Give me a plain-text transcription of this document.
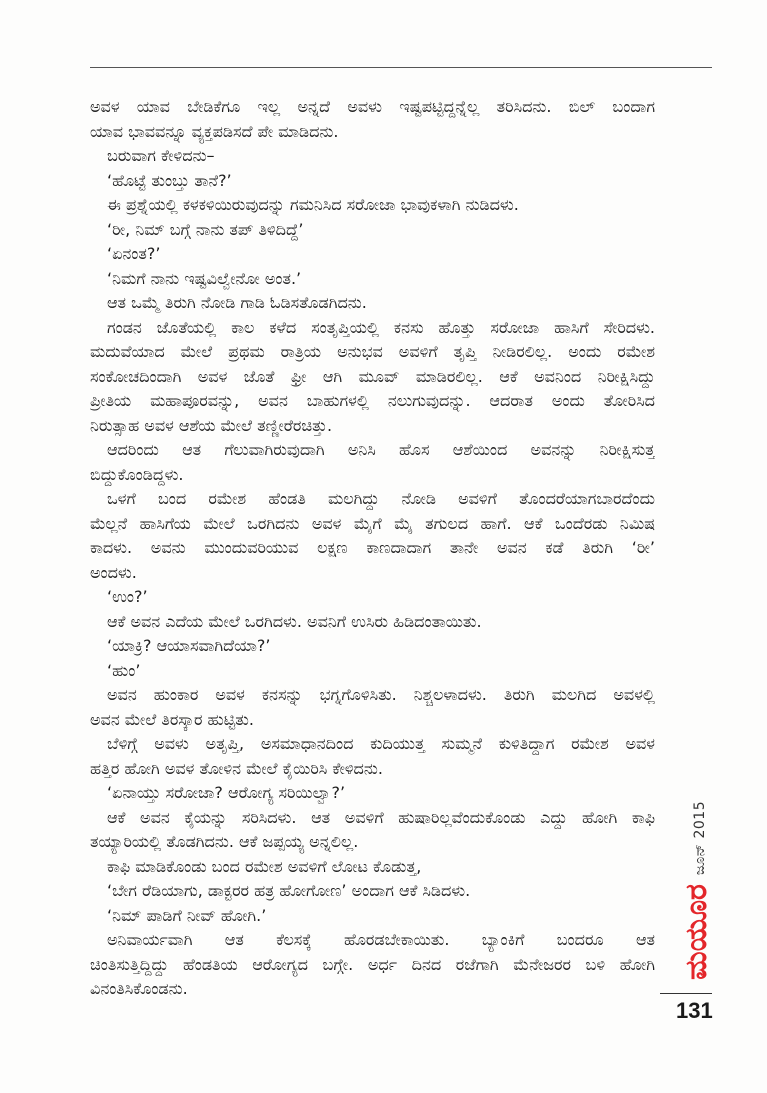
ಅವಳ ಯಾವ ಬೇಡಿಕೆಗೂ ಇಲ್ಲ ಅನ್ನದೆ ಅವಳು ಇಷ್ಟಪಟ್ಟಿದ್ದನ್ನೆಲ್ಲ ತರಿಸಿದನು. ಬಿಲ್ ಬಂದಾಗ
ಯಾವ ಭಾವವನ್ನೂ ವ್ಯಕ್ತಪಡಿಸದೆ ಪೇ ಮಾಡಿದನು.
ಬರುವಾಗ ಕೇಳಿದನು–
‘ಹೊಟ್ಟೆ ತುಂಬ್ತು ತಾನೆ?’
ಈ ಪ್ರಶ್ನೆಯಲ್ಲಿ ಕಳಕಳಿಯಿರುವುದನ್ನು ಗಮನಿಸಿದ ಸರೋಜಾ ಭಾವುಕಳಾಗಿ ನುಡಿದಳು.
‘ರೀ, ನಿಮ್ ಬಗ್ಗೆ ನಾನು ತಪ್ ತಿಳಿದಿದ್ದೆ’
‘ಏನಂತ?’
‘ನಿಮಗೆ ನಾನು ಇಷ್ಟವಿಲ್ವೇನೋ ಅಂತ.’
ಆತ ಒಮ್ಮೆ ತಿರುಗಿ ನೋಡಿ ಗಾಡಿ ಓಡಿಸತೊಡಗಿದನು.
ಗಂಡನ ಜೊತೆಯಲ್ಲಿ ಕಾಲ ಕಳೆದ ಸಂತೃಪ್ತಿಯಲ್ಲಿ ಕನಸು ಹೊತ್ತು ಸರೋಜಾ ಹಾಸಿಗೆ ಸೇರಿದಳು.
ಮದುವೆಯಾದ ಮೇಲೆ ಪ್ರಥಮ ರಾತ್ರಿಯ ಅನುಭವ ಅವಳಿಗೆ ತೃಪ್ತಿ ನೀಡಿರಲಿಲ್ಲ. ಅಂದು ರಮೇಶ
ಸಂಕೋಚದಿಂದಾಗಿ ಅವಳ ಜೊತೆ ಫ್ರೀ ಆಗಿ ಮೂವ್ ಮಾಡಿರಲಿಲ್ಲ. ಆಕೆ ಅವನಿಂದ ನಿರೀಕ್ಷಿಸಿದ್ದು
ಪ್ರೀತಿಯ ಮಹಾಪೂರವನ್ನು, ಅವನ ಬಾಹುಗಳಲ್ಲಿ ನಲುಗುವುದನ್ನು. ಆದರಾತ ಅಂದು ತೋರಿಸಿದ
ನಿರುತ್ಸಾಹ ಅವಳ ಆಶೆಯ ಮೇಲೆ ತಣ್ಣೀರೆರಚಿತ್ತು.
ಆದರಿಂದು ಆತ ಗೆಲುವಾಗಿರುವುದಾಗಿ ಅನಿಸಿ ಹೊಸ ಆಶೆಯಿಂದ ಅವನನ್ನು ನಿರೀಕ್ಷಿಸುತ್ತ
ಬಿದ್ದುಕೊಂಡಿದ್ದಳು.
ಒಳಗೆ ಬಂದ ರಮೇಶ ಹೆಂಡತಿ ಮಲಗಿದ್ದು ನೋಡಿ ಅವಳಿಗೆ ತೊಂದರೆಯಾಗಬಾರದೆಂದು
ಮೆಲ್ಲನೆ ಹಾಸಿಗೆಯ ಮೇಲೆ ಒರಗಿದನು ಅವಳ ಮೈಗೆ ಮೈ ತಗುಲದ ಹಾಗೆ. ಆಕೆ ಒಂದೆರಡು ನಿಮಿಷ
ಕಾದಳು. ಅವನು ಮುಂದುವರಿಯುವ ಲಕ್ಷಣ ಕಾಣದಾದಾಗ ತಾನೇ ಅವನ ಕಡೆ ತಿರುಗಿ ‘ರೀ’
ಅಂದಳು.
‘ಉಂ?’
ಆಕೆ ಅವನ ಎದೆಯ ಮೇಲೆ ಒರಗಿದಳು. ಅವನಿಗೆ ಉಸಿರು ಹಿಡಿದಂತಾಯಿತು.
‘ಯಾಕ್ರಿ? ಆಯಾಸವಾಗಿದೆಯಾ?’
‘ಹುಂ’
ಅವನ ಹುಂಕಾರ ಅವಳ ಕನಸನ್ನು ಭಗ್ನಗೊಳಿಸಿತು. ನಿಶ್ಚಲಳಾದಳು. ತಿರುಗಿ ಮಲಗಿದ ಅವಳಲ್ಲಿ
ಅವನ ಮೇಲೆ ತಿರಸ್ಕಾರ ಹುಟ್ಟಿತು.
ಬೆಳಿಗ್ಗೆ ಅವಳು ಅತೃಪ್ತಿ, ಅಸಮಾಧಾನದಿಂದ ಕುದಿಯುತ್ತ ಸುಮ್ಮನೆ ಕುಳಿತಿದ್ದಾಗ ರಮೇಶ ಅವಳ
ಹತ್ತಿರ ಹೋಗಿ ಅವಳ ತೋಳಿನ ಮೇಲೆ ಕೈಯಿರಿಸಿ ಕೇಳಿದನು.
‘ಏನಾಯ್ತು ಸರೋಜಾ? ಆರೋಗ್ಯ ಸರಿಯಿಲ್ವಾ?’
ಆಕೆ ಅವನ ಕೈಯನ್ನು ಸರಿಸಿದಳು. ಆತ ಅವಳಿಗೆ ಹುಷಾರಿಲ್ಲವೆಂದುಕೊಂಡು ಎದ್ದು ಹೋಗಿ ಕಾಫಿ
ತಯ್ಯಾರಿಯಲ್ಲಿ ತೊಡಗಿದನು. ಆಕೆ ಜಪ್ಪಯ್ಯ ಅನ್ನಲಿಲ್ಲ.
ಕಾಫಿ ಮಾಡಿಕೊಂಡು ಬಂದ ರಮೇಶ ಅವಳಿಗೆ ಲೋಟ ಕೊಡುತ್ತ,
‘ಬೇಗ ರೆಡಿಯಾಗು, ಡಾಕ್ಟರರ ಹತ್ರ ಹೋಗೋಣ’ ಅಂದಾಗ ಆಕೆ ಸಿಡಿದಳು.
‘ನಿಮ್ ಪಾಡಿಗೆ ನೀವ್ ಹೋಗಿ.’
ಅನಿವಾರ್ಯವಾಗಿ ಆತ ಕೆಲಸಕ್ಕೆ ಹೊರಡಬೇಕಾಯಿತು. ಬ್ಯಾಂಕಿಗೆ ಬಂದರೂ ಆತ
ಚಿಂತಿಸುತ್ತಿದ್ದಿದ್ದು ಹೆಂಡತಿಯ ಆರೋಗ್ಯದ ಬಗ್ಗೇ. ಅರ್ಧ ದಿನದ ರಜೆಗಾಗಿ ಮೆನೇಜರರ ಬಳಿ ಹೋಗಿ
ವಿನಂತಿಸಿಕೊಂಡನು.
ಜೂನ್ 2015
ಮಯೂರ
131
